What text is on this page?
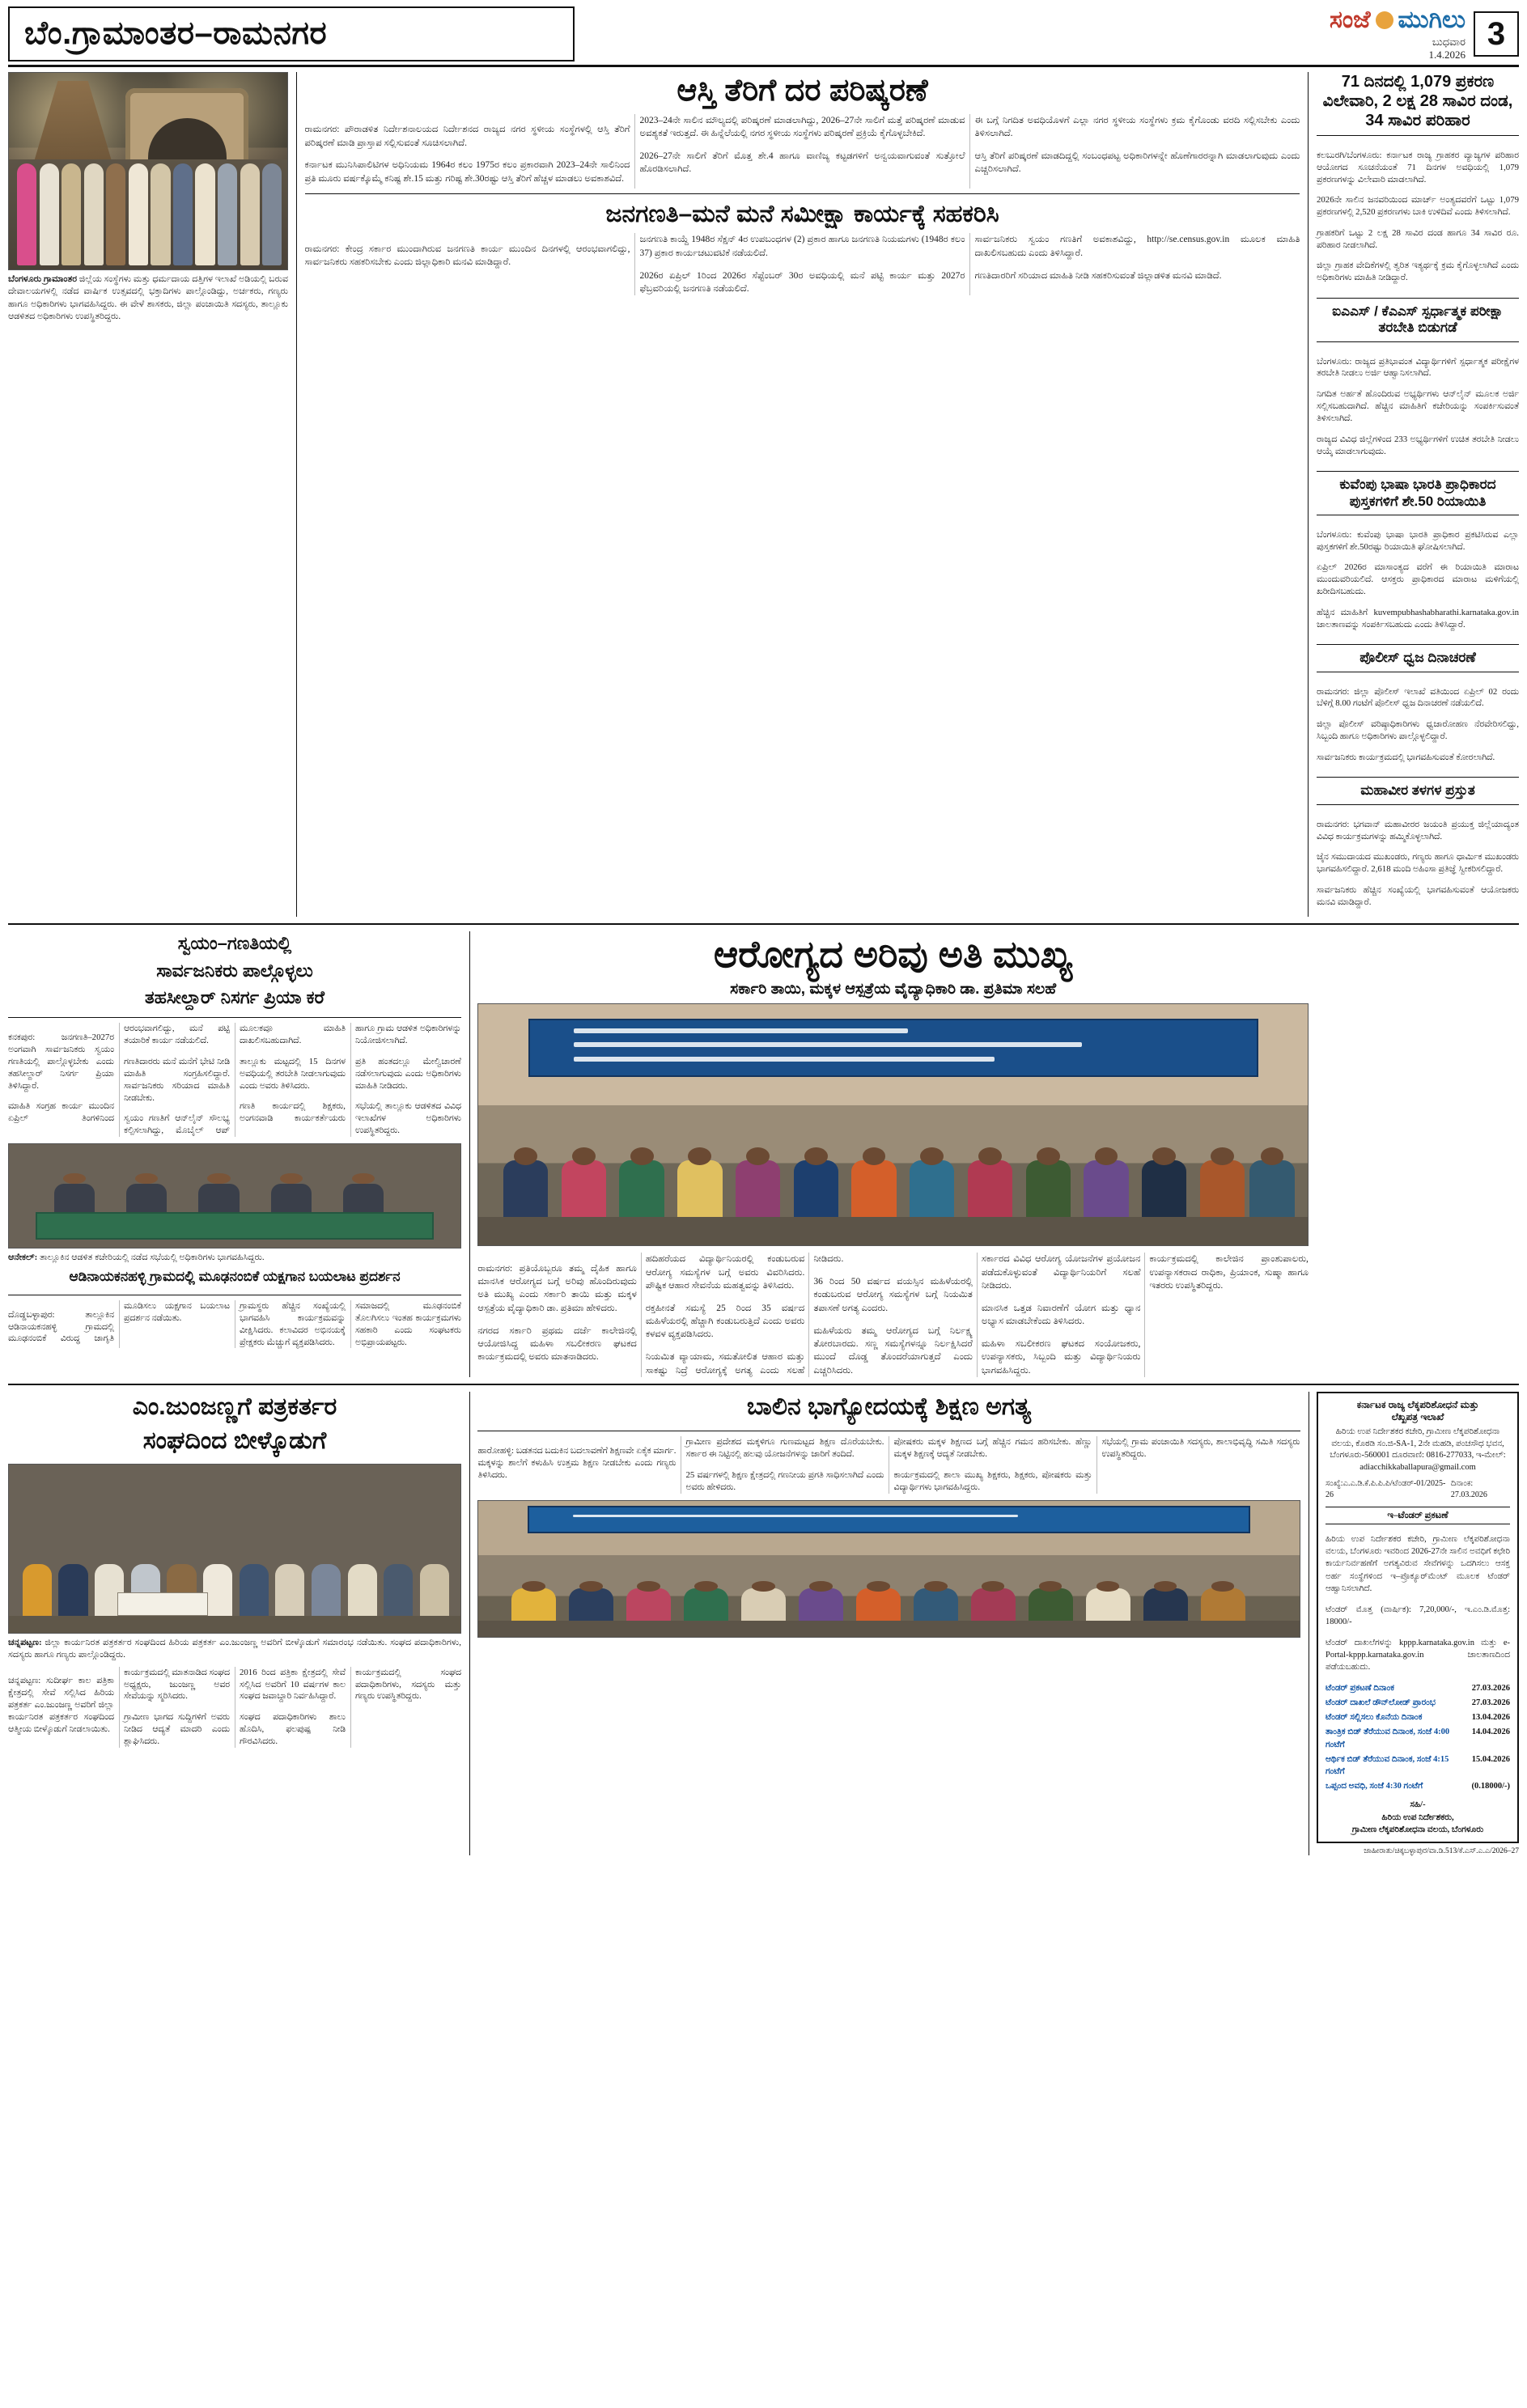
ಬೆಂ.ಗ್ರಾಮಾಂತರ–ರಾಮನಗರ	ಸಂಜೆ ಮುಗಿಲು
ಬುಧವಾರ
1.4.2026
3
ಬೆಂಗಳೂರು ಗ್ರಾಮಾಂತರ ಜಿಲ್ಲೆಯ ಸಂಸ್ಥೆಗಳು ಮತ್ತು ಧರ್ಮದಾಯ ದತ್ತಿಗಳ ಇಲಾಖೆ ಅಡಿಯಲ್ಲಿ ಬರುವ ದೇವಾಲಯಗಳಲ್ಲಿ ನಡೆದ ವಾರ್ಷಿಕ ಉತ್ಸವದಲ್ಲಿ ಭಕ್ತಾದಿಗಳು ಪಾಲ್ಗೊಂಡಿದ್ದು, ಅರ್ಚಕರು, ಗಣ್ಯರು ಹಾಗೂ ಅಧಿಕಾರಿಗಳು ಭಾಗವಹಿಸಿದ್ದರು. ಈ ವೇಳೆ ಶಾಸಕರು, ಜಿಲ್ಲಾ ಪಂಚಾಯಿತಿ ಸದಸ್ಯರು, ತಾಲ್ಲೂಕು ಆಡಳಿತದ ಅಧಿಕಾರಿಗಳು ಉಪಸ್ಥಿತರಿದ್ದರು.
ಆಸ್ತಿ ತೆರಿಗೆ ದರ ಪರಿಷ್ಕರಣೆ

ರಾಮನಗರ: ಪೌರಾಡಳಿತ ನಿರ್ದೇಶನಾಲಯದ ನಿರ್ದೇಶನದ ರಾಜ್ಯದ ನಗರ ಸ್ಥಳೀಯ ಸಂಸ್ಥೆಗಳಲ್ಲಿ ಆಸ್ತಿ ತೆರಿಗೆ ಪರಿಷ್ಕರಣೆ ಮಾಡಿ ಪ್ರಾಸ್ತಾಪ ಸಲ್ಲಿಸುವಂತೆ ಸೂಚಿಸಲಾಗಿದೆ.

ಕರ್ನಾಟಕ ಮುನಿಸಿಪಾಲಿಟಿಗಳ ಅಧಿನಿಯಮ 1964ರ ಕಲಂ 1975ರ ಕಲಂ ಪ್ರಕಾರವಾಗಿ 2023–24ನೇ ಸಾಲಿನಿಂದ ಪ್ರತಿ ಮೂರು ವರ್ಷಕ್ಕೊಮ್ಮೆ ಕನಿಷ್ಟ ಶೇ.15 ಮತ್ತು ಗರಿಷ್ಟ ಶೇ.30ರಷ್ಟು ಆಸ್ತಿ ತೆರಿಗೆ ಹೆಚ್ಚಳ ಮಾಡಲು ಅವಕಾಶವಿದೆ.

2023–24ನೇ ಸಾಲಿನ ಮೌಲ್ಯದಲ್ಲಿ ಪರಿಷ್ಕರಣೆ ಮಾಡಲಾಗಿದ್ದು, 2026–27ನೇ ಸಾಲಿಗೆ ಮತ್ತೆ ಪರಿಷ್ಕರಣೆ ಮಾಡುವ ಅವಶ್ಯಕತೆ ಇರುತ್ತದೆ. ಈ ಹಿನ್ನೆಲೆಯಲ್ಲಿ ನಗರ ಸ್ಥಳೀಯ ಸಂಸ್ಥೆಗಳು ಪರಿಷ್ಕರಣೆ ಪ್ರಕ್ರಿಯೆ ಕೈಗೊಳ್ಳಬೇಕಿದೆ.

2026–27ನೇ ಸಾಲಿಗೆ ತೆರಿಗೆ ಮೊತ್ತ ಶೇ.4 ಹಾಗೂ ವಾಣಿಜ್ಯ ಕಟ್ಟಡಗಳಿಗೆ ಅನ್ವಯವಾಗುವಂತೆ ಸುತ್ತೋಲೆ ಹೊರಡಿಸಲಾಗಿದೆ.

ಈ ಬಗ್ಗೆ ನಿಗದಿತ ಅವಧಿಯೊಳಗೆ ಎಲ್ಲಾ ನಗರ ಸ್ಥಳೀಯ ಸಂಸ್ಥೆಗಳು ಕ್ರಮ ಕೈಗೊಂಡು ವರದಿ ಸಲ್ಲಿಸಬೇಕು ಎಂದು ತಿಳಿಸಲಾಗಿದೆ.

ಆಸ್ತಿ ತೆರಿಗೆ ಪರಿಷ್ಕರಣೆ ಮಾಡದಿದ್ದಲ್ಲಿ ಸಂಬಂಧಪಟ್ಟ ಅಧಿಕಾರಿಗಳನ್ನೇ ಹೊಣೆಗಾರರನ್ನಾಗಿ ಮಾಡಲಾಗುವುದು ಎಂದು ಎಚ್ಚರಿಸಲಾಗಿದೆ.

ಜನಗಣತಿ–ಮನೆ ಮನೆ ಸಮೀಕ್ಷಾ ಕಾರ್ಯಕ್ಕೆ ಸಹಕರಿಸಿ

ರಾಮನಗರ: ಕೇಂದ್ರ ಸರ್ಕಾರ ಮುಂದಾಗಿರುವ ಜನಗಣತಿ ಕಾರ್ಯ ಮುಂದಿನ ದಿನಗಳಲ್ಲಿ ಆರಂಭವಾಗಲಿದ್ದು, ಸಾರ್ವಜನಿಕರು ಸಹಕರಿಸಬೇಕು ಎಂದು ಜಿಲ್ಲಾಧಿಕಾರಿ ಮನವಿ ಮಾಡಿದ್ದಾರೆ.

ಜನಗಣತಿ ಕಾಯ್ದೆ 1948ರ ಸೆಕ್ಷನ್ 4ರ ಉಪಬಂಧಗಳ (2) ಪ್ರಕಾರ ಹಾಗೂ ಜನಗಣತಿ ನಿಯಮಗಳು (1948ರ ಕಲಂ 37) ಪ್ರಕಾರ ಕಾರ್ಯಚಟುವಟಿಕೆ ನಡೆಯಲಿದೆ.

2026ರ ಏಪ್ರಿಲ್ 1ರಿಂದ 2026ರ ಸೆಪ್ಟೆಂಬರ್ 30ರ ಅವಧಿಯಲ್ಲಿ ಮನೆ ಪಟ್ಟಿ ಕಾರ್ಯ ಮತ್ತು 2027ರ ಫೆಬ್ರವರಿಯಲ್ಲಿ ಜನಗಣತಿ ನಡೆಯಲಿದೆ.

ಸಾರ್ವಜನಿಕರು ಸ್ವಯಂ ಗಣತಿಗೆ ಅವಕಾಶವಿದ್ದು, http://se.census.gov.in ಮೂಲಕ ಮಾಹಿತಿ ದಾಖಲಿಸಬಹುದು ಎಂದು ತಿಳಿಸಿದ್ದಾರೆ.

ಗಣತಿದಾರರಿಗೆ ಸರಿಯಾದ ಮಾಹಿತಿ ನೀಡಿ ಸಹಕರಿಸುವಂತೆ ಜಿಲ್ಲಾಡಳಿತ ಮನವಿ ಮಾಡಿದೆ.

71 ದಿನದಲ್ಲಿ 1,079 ಪ್ರಕರಣ ವಿಲೇವಾರಿ, 2 ಲಕ್ಷ 28 ಸಾವಿರ ದಂಡ, 34 ಸಾವಿರ ಪರಿಹಾರ

ಕಲಬುರಗಿ/ಬೆಂಗಳೂರು: ಕರ್ನಾಟಕ ರಾಜ್ಯ ಗ್ರಾಹಕರ ವ್ಯಾಜ್ಯಗಳ ಪರಿಹಾರ ಆಯೋಗದ ಸೂಚನೆಯಂತೆ 71 ದಿನಗಳ ಅವಧಿಯಲ್ಲಿ 1,079 ಪ್ರಕರಣಗಳನ್ನು ವಿಲೇವಾರಿ ಮಾಡಲಾಗಿದೆ.

2026ನೇ ಸಾಲಿನ ಜನವರಿಯಿಂದ ಮಾರ್ಚ್ ಅಂತ್ಯದವರೆಗೆ ಒಟ್ಟು 1,079 ಪ್ರಕರಣಗಳಲ್ಲಿ 2,520 ಪ್ರಕರಣಗಳು ಬಾಕಿ ಉಳಿದಿವೆ ಎಂದು ತಿಳಿಸಲಾಗಿದೆ.

ಗ್ರಾಹಕರಿಗೆ ಒಟ್ಟು 2 ಲಕ್ಷ 28 ಸಾವಿರ ದಂಡ ಹಾಗೂ 34 ಸಾವಿರ ರೂ. ಪರಿಹಾರ ನೀಡಲಾಗಿದೆ.

ಜಿಲ್ಲಾ ಗ್ರಾಹಕ ವೇದಿಕೆಗಳಲ್ಲಿ ತ್ವರಿತ ಇತ್ಯರ್ಥಕ್ಕೆ ಕ್ರಮ ಕೈಗೊಳ್ಳಲಾಗಿದೆ ಎಂದು ಅಧಿಕಾರಿಗಳು ಮಾಹಿತಿ ನೀಡಿದ್ದಾರೆ.

ಐಎಎಸ್ / ಕೆಎಎಸ್ ಸ್ಪರ್ಧಾತ್ಮಕ ಪರೀಕ್ಷಾ ತರಬೇತಿ ಬಿಡುಗಡೆ

ಬೆಂಗಳೂರು: ರಾಜ್ಯದ ಪ್ರತಿಭಾವಂತ ವಿದ್ಯಾರ್ಥಿಗಳಿಗೆ ಸ್ಪರ್ಧಾತ್ಮಕ ಪರೀಕ್ಷೆಗಳ ತರಬೇತಿ ನೀಡಲು ಅರ್ಜಿ ಆಹ್ವಾನಿಸಲಾಗಿದೆ.

ನಿಗದಿತ ಅರ್ಹತೆ ಹೊಂದಿರುವ ಅಭ್ಯರ್ಥಿಗಳು ಆನ್‌ಲೈನ್ ಮೂಲಕ ಅರ್ಜಿ ಸಲ್ಲಿಸಬಹುದಾಗಿದೆ. ಹೆಚ್ಚಿನ ಮಾಹಿತಿಗೆ ಕಚೇರಿಯನ್ನು ಸಂಪರ್ಕಿಸುವಂತೆ ತಿಳಿಸಲಾಗಿದೆ.

ರಾಜ್ಯದ ವಿವಿಧ ಜಿಲ್ಲೆಗಳಿಂದ 233 ಅಭ್ಯರ್ಥಿಗಳಿಗೆ ಉಚಿತ ತರಬೇತಿ ನೀಡಲು ಆಯ್ಕೆ ಮಾಡಲಾಗುವುದು.

ಕುವೆಂಪು ಭಾಷಾ ಭಾರತಿ ಪ್ರಾಧಿಕಾರದ ಪುಸ್ತಕಗಳಿಗೆ ಶೇ.50 ರಿಯಾಯಿತಿ

ಬೆಂಗಳೂರು: ಕುವೆಂಪು ಭಾಷಾ ಭಾರತಿ ಪ್ರಾಧಿಕಾರ ಪ್ರಕಟಿಸಿರುವ ಎಲ್ಲಾ ಪುಸ್ತಕಗಳಿಗೆ ಶೇ.50ರಷ್ಟು ರಿಯಾಯಿತಿ ಘೋಷಿಸಲಾಗಿದೆ.

ಏಪ್ರಿಲ್ 2026ರ ಮಾಸಾಂತ್ಯದ ವರೆಗೆ ಈ ರಿಯಾಯಿತಿ ಮಾರಾಟ ಮುಂದುವರಿಯಲಿದೆ. ಆಸಕ್ತರು ಪ್ರಾಧಿಕಾರದ ಮಾರಾಟ ಮಳಿಗೆಯಲ್ಲಿ ಖರೀದಿಸಬಹುದು.

ಹೆಚ್ಚಿನ ಮಾಹಿತಿಗೆ kuvempubhashabharathi.karnataka.gov.in ಜಾಲತಾಣವನ್ನು ಸಂಪರ್ಕಿಸಬಹುದು ಎಂದು ತಿಳಿಸಿದ್ದಾರೆ.

ಪೊಲೀಸ್ ಧ್ವಜ ದಿನಾಚರಣೆ

ರಾಮನಗರ: ಜಿಲ್ಲಾ ಪೊಲೀಸ್ ಇಲಾಖೆ ವತಿಯಿಂದ ಏಪ್ರಿಲ್ 02 ರಂದು ಬೆಳಿಗ್ಗೆ 8.00 ಗಂಟೆಗೆ ಪೊಲೀಸ್ ಧ್ವಜ ದಿನಾಚರಣೆ ನಡೆಯಲಿದೆ.

ಜಿಲ್ಲಾ ಪೊಲೀಸ್ ವರಿಷ್ಠಾಧಿಕಾರಿಗಳು ಧ್ವಜಾರೋಹಣ ನೆರವೇರಿಸಲಿದ್ದು, ಸಿಬ್ಬಂದಿ ಹಾಗೂ ಅಧಿಕಾರಿಗಳು ಪಾಲ್ಗೊಳ್ಳಲಿದ್ದಾರೆ.

ಸಾರ್ವಜನಿಕರು ಕಾರ್ಯಕ್ರಮದಲ್ಲಿ ಭಾಗವಹಿಸುವಂತೆ ಕೋರಲಾಗಿದೆ.

ಮಹಾವೀರ ತಳಗಳ ಪ್ರಸ್ತುತ

ರಾಮನಗರ: ಭಗವಾನ್ ಮಹಾವೀರರ ಜಯಂತಿ ಪ್ರಯುಕ್ತ ಜಿಲ್ಲೆಯಾದ್ಯಂತ ವಿವಿಧ ಕಾರ್ಯಕ್ರಮಗಳನ್ನು ಹಮ್ಮಿಕೊಳ್ಳಲಾಗಿದೆ.

ಜೈನ ಸಮುದಾಯದ ಮುಖಂಡರು, ಗಣ್ಯರು ಹಾಗೂ ಧಾರ್ಮಿಕ ಮುಖಂಡರು ಭಾಗವಹಿಸಲಿದ್ದಾರೆ. 2,618 ಮಂದಿ ಅಹಿಂಸಾ ಪ್ರತಿಜ್ಞೆ ಸ್ವೀಕರಿಸಲಿದ್ದಾರೆ.

ಸಾರ್ವಜನಿಕರು ಹೆಚ್ಚಿನ ಸಂಖ್ಯೆಯಲ್ಲಿ ಭಾಗವಹಿಸುವಂತೆ ಆಯೋಜಕರು ಮನವಿ ಮಾಡಿದ್ದಾರೆ.

ಸ್ವಯಂ–ಗಣತಿಯಲ್ಲಿ
ಸಾರ್ವಜನಿಕರು ಪಾಲ್ಗೊಳ್ಳಲು
ತಹಸೀಲ್ದಾರ್ ನಿಸರ್ಗ ಪ್ರಿಯಾ ಕರೆ

ಕನಕಪುರ: ಜನಗಣತಿ–2027ರ ಅಂಗವಾಗಿ ಸಾರ್ವಜನಿಕರು ಸ್ವಯಂ ಗಣತಿಯಲ್ಲಿ ಪಾಲ್ಗೊಳ್ಳಬೇಕು ಎಂದು ತಹಸೀಲ್ದಾರ್ ನಿಸರ್ಗ ಪ್ರಿಯಾ ತಿಳಿಸಿದ್ದಾರೆ.

ಮಾಹಿತಿ ಸಂಗ್ರಹ ಕಾರ್ಯ ಮುಂದಿನ ಏಪ್ರಿಲ್ ತಿಂಗಳಿನಿಂದ ಆರಂಭವಾಗಲಿದ್ದು, ಮನೆ ಪಟ್ಟಿ ತಯಾರಿಕೆ ಕಾರ್ಯ ನಡೆಯಲಿದೆ.

ಗಣತಿದಾರರು ಮನೆ ಮನೆಗೆ ಭೇಟಿ ನೀಡಿ ಮಾಹಿತಿ ಸಂಗ್ರಹಿಸಲಿದ್ದಾರೆ. ಸಾರ್ವಜನಿಕರು ಸರಿಯಾದ ಮಾಹಿತಿ ನೀಡಬೇಕು.

ಸ್ವಯಂ ಗಣತಿಗೆ ಆನ್‌ಲೈನ್ ಸೌಲಭ್ಯ ಕಲ್ಪಿಸಲಾಗಿದ್ದು, ಮೊಬೈಲ್ ಆಪ್ ಮೂಲಕವೂ ಮಾಹಿತಿ ದಾಖಲಿಸಬಹುದಾಗಿದೆ.

ತಾಲ್ಲೂಕು ಮಟ್ಟದಲ್ಲಿ 15 ದಿನಗಳ ಅವಧಿಯಲ್ಲಿ ತರಬೇತಿ ನೀಡಲಾಗುವುದು ಎಂದು ಅವರು ತಿಳಿಸಿದರು.

ಗಣತಿ ಕಾರ್ಯದಲ್ಲಿ ಶಿಕ್ಷಕರು, ಅಂಗನವಾಡಿ ಕಾರ್ಯಕರ್ತೆಯರು ಹಾಗೂ ಗ್ರಾಮ ಆಡಳಿತ ಅಧಿಕಾರಿಗಳನ್ನು ನಿಯೋಜಿಸಲಾಗಿದೆ.

ಪ್ರತಿ ಹಂತದಲ್ಲೂ ಮೇಲ್ವಿಚಾರಣೆ ನಡೆಸಲಾಗುವುದು ಎಂದು ಅಧಿಕಾರಿಗಳು ಮಾಹಿತಿ ನೀಡಿದರು.

ಸಭೆಯಲ್ಲಿ ತಾಲ್ಲೂಕು ಆಡಳಿತದ ವಿವಿಧ ಇಲಾಖೆಗಳ ಅಧಿಕಾರಿಗಳು ಉಪಸ್ಥಿತರಿದ್ದರು.

ಆನೇಕಲ್: ತಾಲ್ಲೂಕಿನ ಆಡಳಿತ ಕಚೇರಿಯಲ್ಲಿ ನಡೆದ ಸಭೆಯಲ್ಲಿ ಅಧಿಕಾರಿಗಳು ಭಾಗವಹಿಸಿದ್ದರು.
ಆಡಿನಾಯಕನಹಳ್ಳಿ ಗ್ರಾಮದಲ್ಲಿ ಮೂಢನಂಬಿಕೆ ಯಕ್ಷಗಾನ ಬಯಲಾಟ ಪ್ರದರ್ಶನ

ದೊಡ್ಡಬಳ್ಳಾಪುರ: ತಾಲ್ಲೂಕಿನ ಆಡಿನಾಯಕನಹಳ್ಳಿ ಗ್ರಾಮದಲ್ಲಿ ಮೂಢನಂಬಿಕೆ ವಿರುದ್ಧ ಜಾಗೃತಿ ಮೂಡಿಸಲು ಯಕ್ಷಗಾನ ಬಯಲಾಟ ಪ್ರದರ್ಶನ ನಡೆಯಿತು.

ಗ್ರಾಮಸ್ಥರು ಹೆಚ್ಚಿನ ಸಂಖ್ಯೆಯಲ್ಲಿ ಭಾಗವಹಿಸಿ ಕಾರ್ಯಕ್ರಮವನ್ನು ವೀಕ್ಷಿಸಿದರು. ಕಲಾವಿದರ ಅಭಿನಯಕ್ಕೆ ಪ್ರೇಕ್ಷಕರು ಮೆಚ್ಚುಗೆ ವ್ಯಕ್ತಪಡಿಸಿದರು.

ಸಮಾಜದಲ್ಲಿ ಮೂಢನಂಬಿಕೆ ತೊಲಗಿಸಲು ಇಂತಹ ಕಾರ್ಯಕ್ರಮಗಳು ಸಹಕಾರಿ ಎಂದು ಸಂಘಟಕರು ಅಭಿಪ್ರಾಯಪಟ್ಟರು.

ಆರೋಗ್ಯದ ಅರಿವು ಅತಿ ಮುಖ್ಯ
ಸರ್ಕಾರಿ ತಾಯಿ, ಮಕ್ಕಳ ಆಸ್ಪತ್ರೆಯ ವೈದ್ಯಾಧಿಕಾರಿ ಡಾ. ಪ್ರತಿಮಾ ಸಲಹೆ

ರಾಮನಗರ: ಪ್ರತಿಯೊಬ್ಬರೂ ತಮ್ಮ ದೈಹಿಕ ಹಾಗೂ ಮಾನಸಿಕ ಆರೋಗ್ಯದ ಬಗ್ಗೆ ಅರಿವು ಹೊಂದಿರುವುದು ಅತಿ ಮುಖ್ಯ ಎಂದು ಸರ್ಕಾರಿ ತಾಯಿ ಮತ್ತು ಮಕ್ಕಳ ಆಸ್ಪತ್ರೆಯ ವೈದ್ಯಾಧಿಕಾರಿ ಡಾ. ಪ್ರತಿಮಾ ಹೇಳಿದರು.

ನಗರದ ಸರ್ಕಾರಿ ಪ್ರಥಮ ದರ್ಜೆ ಕಾಲೇಜಿನಲ್ಲಿ ಆಯೋಜಿಸಿದ್ದ ಮಹಿಳಾ ಸಬಲೀಕರಣ ಘಟಕದ ಕಾರ್ಯಕ್ರಮದಲ್ಲಿ ಅವರು ಮಾತನಾಡಿದರು.

ಹದಿಹರೆಯದ ವಿದ್ಯಾರ್ಥಿನಿಯರಲ್ಲಿ ಕಂಡುಬರುವ ಆರೋಗ್ಯ ಸಮಸ್ಯೆಗಳ ಬಗ್ಗೆ ಅವರು ವಿವರಿಸಿದರು. ಪೌಷ್ಟಿಕ ಆಹಾರ ಸೇವನೆಯ ಮಹತ್ವವನ್ನು ತಿಳಿಸಿದರು.

ರಕ್ತಹೀನತೆ ಸಮಸ್ಯೆ 25 ರಿಂದ 35 ವರ್ಷದ ಮಹಿಳೆಯರಲ್ಲಿ ಹೆಚ್ಚಾಗಿ ಕಂಡುಬರುತ್ತಿದೆ ಎಂದು ಅವರು ಕಳವಳ ವ್ಯಕ್ತಪಡಿಸಿದರು.

ನಿಯಮಿತ ವ್ಯಾಯಾಮ, ಸಮತೋಲಿತ ಆಹಾರ ಮತ್ತು ಸಾಕಷ್ಟು ನಿದ್ರೆ ಆರೋಗ್ಯಕ್ಕೆ ಅಗತ್ಯ ಎಂದು ಸಲಹೆ ನೀಡಿದರು.

36 ರಿಂದ 50 ವರ್ಷದ ವಯಸ್ಸಿನ ಮಹಿಳೆಯರಲ್ಲಿ ಕಂಡುಬರುವ ಆರೋಗ್ಯ ಸಮಸ್ಯೆಗಳ ಬಗ್ಗೆ ನಿಯಮಿತ ತಪಾಸಣೆ ಅಗತ್ಯ ಎಂದರು.

ಮಹಿಳೆಯರು ತಮ್ಮ ಆರೋಗ್ಯದ ಬಗ್ಗೆ ನಿರ್ಲಕ್ಷ್ಯ ತೋರಬಾರದು. ಸಣ್ಣ ಸಮಸ್ಯೆಗಳನ್ನೂ ನಿರ್ಲಕ್ಷಿಸಿದರೆ ಮುಂದೆ ದೊಡ್ಡ ತೊಂದರೆಯಾಗುತ್ತದೆ ಎಂದು ಎಚ್ಚರಿಸಿದರು.

ಸರ್ಕಾರದ ವಿವಿಧ ಆರೋಗ್ಯ ಯೋಜನೆಗಳ ಪ್ರಯೋಜನ ಪಡೆದುಕೊಳ್ಳುವಂತೆ ವಿದ್ಯಾರ್ಥಿನಿಯರಿಗೆ ಸಲಹೆ ನೀಡಿದರು.

ಮಾನಸಿಕ ಒತ್ತಡ ನಿವಾರಣೆಗೆ ಯೋಗ ಮತ್ತು ಧ್ಯಾನ ಅಭ್ಯಾಸ ಮಾಡಬೇಕೆಂದು ತಿಳಿಸಿದರು.

ಮಹಿಳಾ ಸಬಲೀಕರಣ ಘಟಕದ ಸಂಯೋಜಕರು, ಉಪನ್ಯಾಸಕರು, ಸಿಬ್ಬಂದಿ ಮತ್ತು ವಿದ್ಯಾರ್ಥಿನಿಯರು ಭಾಗವಹಿಸಿದ್ದರು.

ಕಾರ್ಯಕ್ರಮದಲ್ಲಿ ಕಾಲೇಜಿನ ಪ್ರಾಂಶುಪಾಲರು, ಉಪನ್ಯಾಸಕರಾದ ರಾಧಿಕಾ, ಪ್ರಿಯಾಂಕ, ಸುಷ್ಮಾ ಹಾಗೂ ಇತರರು ಉಪಸ್ಥಿತರಿದ್ದರು.

ಎಂ.ಜುಂಜಣ್ಣಗೆ ಪತ್ರಕರ್ತರ
ಸಂಘದಿಂದ ಬೀಳ್ಕೊಡುಗೆ
ಚನ್ನಪಟ್ಟಣ: ಜಿಲ್ಲಾ ಕಾರ್ಯನಿರತ ಪತ್ರಕರ್ತರ ಸಂಘದಿಂದ ಹಿರಿಯ ಪತ್ರಕರ್ತ ಎಂ.ಜುಂಜಣ್ಣ ಅವರಿಗೆ ಬೀಳ್ಕೊಡುಗೆ ಸಮಾರಂಭ ನಡೆಯಿತು. ಸಂಘದ ಪದಾಧಿಕಾರಿಗಳು, ಸದಸ್ಯರು ಹಾಗೂ ಗಣ್ಯರು ಪಾಲ್ಗೊಂಡಿದ್ದರು.

ಚನ್ನಪಟ್ಟಣ: ಸುದೀರ್ಘ ಕಾಲ ಪತ್ರಿಕಾ ಕ್ಷೇತ್ರದಲ್ಲಿ ಸೇವೆ ಸಲ್ಲಿಸಿದ ಹಿರಿಯ ಪತ್ರಕರ್ತ ಎಂ.ಜುಂಜಣ್ಣ ಅವರಿಗೆ ಜಿಲ್ಲಾ ಕಾರ್ಯನಿರತ ಪತ್ರಕರ್ತರ ಸಂಘದಿಂದ ಆತ್ಮೀಯ ಬೀಳ್ಕೊಡುಗೆ ನೀಡಲಾಯಿತು.

ಕಾರ್ಯಕ್ರಮದಲ್ಲಿ ಮಾತನಾಡಿದ ಸಂಘದ ಅಧ್ಯಕ್ಷರು, ಜುಂಜಣ್ಣ ಅವರ ಸೇವೆಯನ್ನು ಸ್ಮರಿಸಿದರು.

ಗ್ರಾಮೀಣ ಭಾಗದ ಸುದ್ದಿಗಳಿಗೆ ಅವರು ನೀಡಿದ ಆದ್ಯತೆ ಮಾದರಿ ಎಂದು ಶ್ಲಾಘಿಸಿದರು.

2016 ರಿಂದ ಪತ್ರಿಕಾ ಕ್ಷೇತ್ರದಲ್ಲಿ ಸೇವೆ ಸಲ್ಲಿಸಿದ ಅವರಿಗೆ 10 ವರ್ಷಗಳ ಕಾಲ ಸಂಘದ ಜವಾಬ್ದಾರಿ ನಿರ್ವಹಿಸಿದ್ದಾರೆ.

ಸಂಘದ ಪದಾಧಿಕಾರಿಗಳು ಶಾಲು ಹೊದಿಸಿ, ಫಲಪುಷ್ಪ ನೀಡಿ ಗೌರವಿಸಿದರು.

ಕಾರ್ಯಕ್ರಮದಲ್ಲಿ ಸಂಘದ ಪದಾಧಿಕಾರಿಗಳು, ಸದಸ್ಯರು ಮತ್ತು ಗಣ್ಯರು ಉಪಸ್ಥಿತರಿದ್ದರು.

ಬಾಲಿನ ಭಾಗ್ಯೋದಯಕ್ಕೆ ಶಿಕ್ಷಣ ಅಗತ್ಯ

ಹಾರೋಹಳ್ಳಿ: ಬಡತನದ ಬದುಕಿನ ಬದಲಾವಣೆಗೆ ಶಿಕ್ಷಣವೇ ಏಕೈಕ ಮಾರ್ಗ. ಮಕ್ಕಳನ್ನು ಶಾಲೆಗೆ ಕಳುಹಿಸಿ ಉತ್ತಮ ಶಿಕ್ಷಣ ನೀಡಬೇಕು ಎಂದು ಗಣ್ಯರು ತಿಳಿಸಿದರು.

ಗ್ರಾಮೀಣ ಪ್ರದೇಶದ ಮಕ್ಕಳಿಗೂ ಗುಣಮಟ್ಟದ ಶಿಕ್ಷಣ ದೊರೆಯಬೇಕು. ಸರ್ಕಾರ ಈ ನಿಟ್ಟಿನಲ್ಲಿ ಹಲವು ಯೋಜನೆಗಳನ್ನು ಜಾರಿಗೆ ತಂದಿದೆ.

25 ವರ್ಷಗಳಲ್ಲಿ ಶಿಕ್ಷಣ ಕ್ಷೇತ್ರದಲ್ಲಿ ಗಣನೀಯ ಪ್ರಗತಿ ಸಾಧಿಸಲಾಗಿದೆ ಎಂದು ಅವರು ಹೇಳಿದರು.

ಪೋಷಕರು ಮಕ್ಕಳ ಶಿಕ್ಷಣದ ಬಗ್ಗೆ ಹೆಚ್ಚಿನ ಗಮನ ಹರಿಸಬೇಕು. ಹೆಣ್ಣು ಮಕ್ಕಳ ಶಿಕ್ಷಣಕ್ಕೆ ಆದ್ಯತೆ ನೀಡಬೇಕು.

ಕಾರ್ಯಕ್ರಮದಲ್ಲಿ ಶಾಲಾ ಮುಖ್ಯ ಶಿಕ್ಷಕರು, ಶಿಕ್ಷಕರು, ಪೋಷಕರು ಮತ್ತು ವಿದ್ಯಾರ್ಥಿಗಳು ಭಾಗವಹಿಸಿದ್ದರು.

ಸಭೆಯಲ್ಲಿ ಗ್ರಾಮ ಪಂಚಾಯಿತಿ ಸದಸ್ಯರು, ಶಾಲಾಭಿವೃದ್ಧಿ ಸಮಿತಿ ಸದಸ್ಯರು ಉಪಸ್ಥಿತರಿದ್ದರು.

ಕರ್ನಾಟಕ ರಾಜ್ಯ ಲೆಕ್ಕಪರಿಶೋಧನೆ ಮತ್ತು
ಲೆಖ್ಖಪತ್ರ ಇಲಾಖೆ
ಹಿರಿಯ ಉಪ ನಿರ್ದೇಶಕರ ಕಚೇರಿ, ಗ್ರಾಮೀಣ ಲೆಕ್ಕಪರಿಶೋಧನಾ
ವಲಯ, ಕೊಠಡಿ ಸಂ.ಜಿ-SA-1, 2ನೇ ಮಹಡಿ, ಪಂಚಸೌಧ ಭವನ,
ಬೆಂಗಳೂರು-560001 ದೂರವಾಣಿ: 0816-277033, ಇ-ಮೇಲ್:
adiacchikkaballapura@gmail.com
ಸಂಖ್ಯೆ:ಎ.ಎ.ಡಿ.ಕೆ.ಪಿ.ಪಿ.ಪಿ/ಟೆಂಡರ್-01/2025-26
ದಿನಾಂಕ: 27.03.2026
ಇ–ಟೆಂಡರ್ ಪ್ರಕಟಣೆ

ಹಿರಿಯ ಉಪ ನಿರ್ದೇಶಕರ ಕಚೇರಿ, ಗ್ರಾಮೀಣ ಲೆಕ್ಕಪರಿಶೋಧನಾ ವಲಯ, ಬೆಂಗಳೂರು ಇವರಿಂದ 2026-27ನೇ ಸಾಲಿನ ಅವಧಿಗೆ ಕಛೇರಿ ಕಾರ್ಯನಿರ್ವಹಣೆಗೆ ಅಗತ್ಯವಿರುವ ಸೇವೆಗಳನ್ನು ಒದಗಿಸಲು ಆಸಕ್ತ ಅರ್ಹ ಸಂಸ್ಥೆಗಳಿಂದ ಇ–ಪ್ರೊಕ್ಯೂರ್‌ಮೆಂಟ್ ಮೂಲಕ ಟೆಂಡರ್ ಆಹ್ವಾನಿಸಲಾಗಿದೆ.

ಟೆಂಡರ್ ಮೊತ್ತ (ವಾರ್ಷಿಕ): 7,20,000/-, ಇ.ಎಂ.ಡಿ.ಮೊತ್ತ: 18000/-

ಟೆಂಡರ್ ದಾಖಲೆಗಳನ್ನು kppp.karnataka.gov.in ಮತ್ತು e-Portal-kppp.karnataka.gov.in ಜಾಲತಾಣದಿಂದ ಪಡೆಯಬಹುದು.

ಟೆಂಡರ್ ಪ್ರಕಟಣೆ ದಿನಾಂಕ	27.03.2026
ಟೆಂಡರ್ ದಾಖಲೆ ಡೌನ್‌ಲೋಡ್ ಪ್ರಾರಂಭ	27.03.2026
ಟೆಂಡರ್ ಸಲ್ಲಿಸಲು ಕೊನೆಯ ದಿನಾಂಕ	13.04.2026
ತಾಂತ್ರಿಕ ಬಿಡ್ ತೆರೆಯುವ ದಿನಾಂಕ, ಸಂಜೆ 4:00 ಗಂಟೆಗೆ
14.04.2026
ಆರ್ಥಿಕ ಬಿಡ್ ತೆರೆಯುವ ದಿನಾಂಕ, ಸಂಜೆ 4:15 ಗಂಟೆಗೆ
15.04.2026
ಒಪ್ಪಂದ ಅವಧಿ, ಸಂಜೆ 4:30 ಗಂಟೆಗೆ	(0.18000/-)
ಸಹಿ/-
ಹಿರಿಯ ಉಪ ನಿರ್ದೇಶಕರು,
ಗ್ರಾಮೀಣ ಲೆಕ್ಕಪರಿಶೋಧನಾ ವಲಯ, ಬೆಂಗಳೂರು
ಜಾಹೀರಾತು/ಚಿಕ್ಕಬಳ್ಳಾಪುರ/ವಾ.ಡಿ.513/ಕೆ.ಎಸ್.ಎ.ಎ/2026–27
